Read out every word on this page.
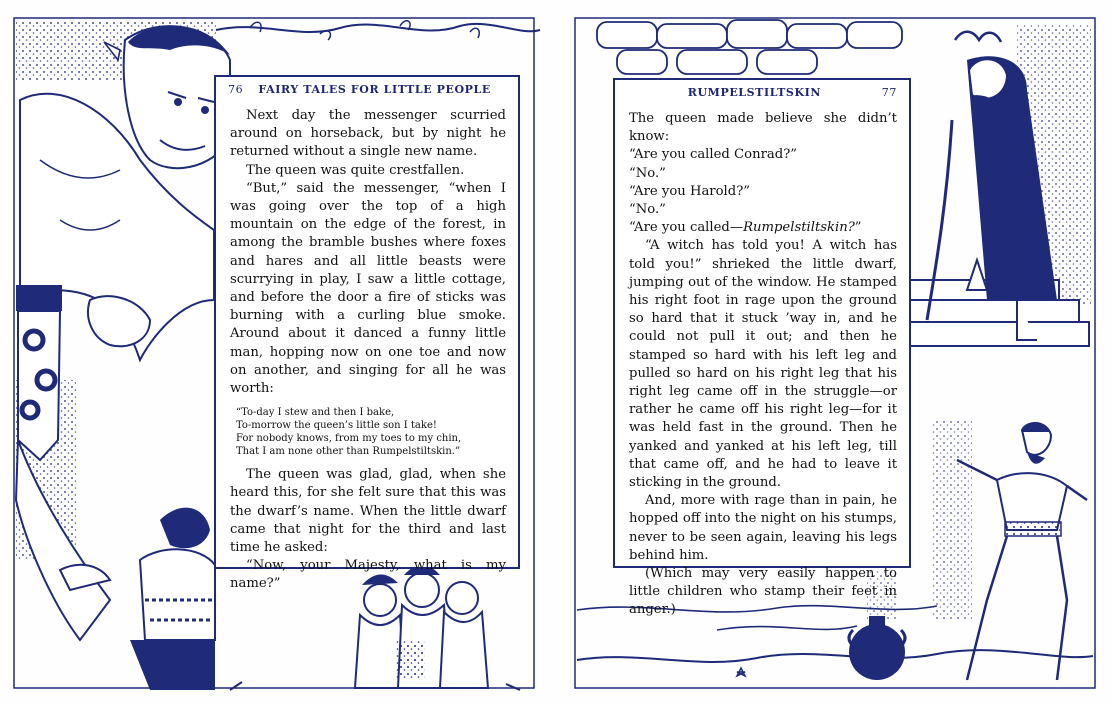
76 FAIRY TALES FOR LITTLE PEOPLE

Next day the messenger scurried around on horseback, but by night he returned without a single new name.

The queen was quite crestfallen.

“But,” said the messenger, “when I was going over the top of a high mountain on the edge of the forest, in among the bramble bushes where foxes and hares and all little beasts were scurrying in play, I saw a little cottage, and before the door a fire of sticks was burning with a curling blue smoke. Around about it danced a funny little man, hopping now on one toe and now on another, and singing for all he was worth:

“To-day I stew and then I bake,
To-morrow the queen’s little son I take!
For nobody knows, from my toes to my chin,
That I am none other than Rumpelstiltskin.”

The queen was glad, glad, when she heard this, for she felt sure that this was the dwarf’s name. When the little dwarf came that night for the third and last time he asked:

“Now, your Majesty, what is my name?”

RUMPELSTILTSKIN	77

The queen made believe she didn’t know:

“Are you called Conrad?”

“No.”

“Are you Harold?”

“No.”

“Are you called—Rumpelstiltskin?”

“A witch has told you! A witch has told you!” shrieked the little dwarf, jumping out of the window. He stamped his right foot in rage upon the ground so hard that it stuck ’way in, and he could not pull it out; and then he stamped so hard with his left leg and pulled so hard on his right leg that his right leg came off in the struggle—or rather he came off his right leg—for it was held fast in the ground. Then he yanked and yanked at his left leg, till that came off, and he had to leave it sticking in the ground.

And, more with rage than in pain, he hopped off into the night on his stumps, never to be seen again, leaving his legs behind him.

(Which may very easily happen to little children who stamp their feet in anger.)
